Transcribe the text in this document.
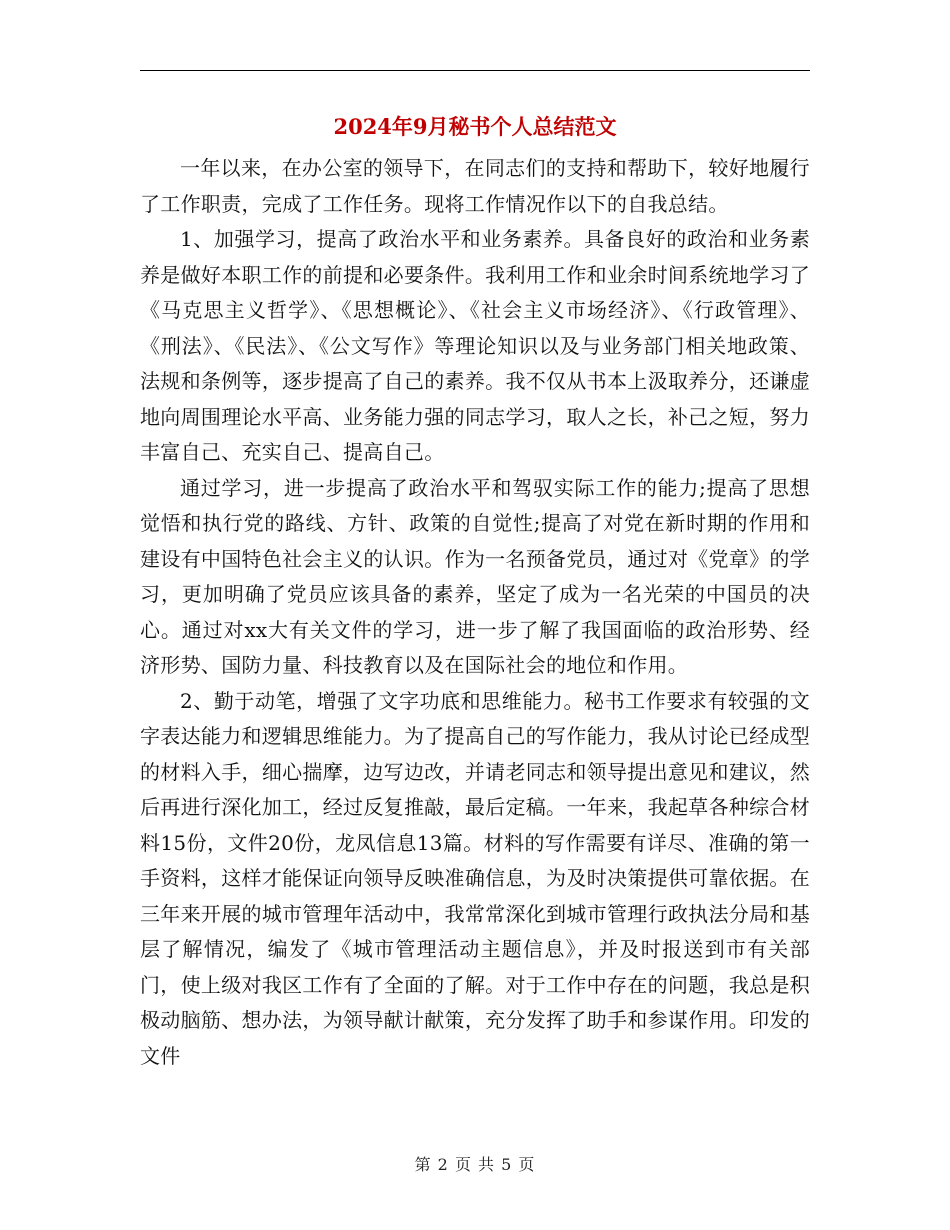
2024年9月秘书个人总结范文

一年以来，在办公室的领导下，在同志们的支持和帮助下，较好地履行了工作职责，完成了工作任务。现将工作情况作以下的自我总结。

1、加强学习，提高了政治水平和业务素养。具备良好的政治和业务素养是做好本职工作的前提和必要条件。我利用工作和业余时间系统地学习了《马克思主义哲学》、《思想概论》、《社会主义市场经济》、《行政管理》、《刑法》、《民法》、《公文写作》等理论知识以及与业务部门相关地政策、法规和条例等，逐步提高了自己的素养。我不仅从书本上汲取养分，还谦虚地向周围理论水平高、业务能力强的同志学习，取人之长，补己之短，努力丰富自己、充实自己、提高自己。

通过学习，进一步提高了政治水平和驾驭实际工作的能力;提高了思想觉悟和执行党的路线、方针、政策的自觉性;提高了对党在新时期的作用和建设有中国特色社会主义的认识。作为一名预备党员，通过对《党章》的学习，更加明确了党员应该具备的素养，坚定了成为一名光荣的中国员的决心。通过对xx大有关文件的学习，进一步了解了我国面临的政治形势、经济形势、国防力量、科技教育以及在国际社会的地位和作用。

2、勤于动笔，增强了文字功底和思维能力。秘书工作要求有较强的文字表达能力和逻辑思维能力。为了提高自己的写作能力，我从讨论已经成型的材料入手，细心揣摩，边写边改，并请老同志和领导提出意见和建议，然后再进行深化加工，经过反复推敲，最后定稿。一年来，我起草各种综合材料15份，文件20份，龙凤信息13篇。材料的写作需要有详尽、准确的第一手资料，这样才能保证向领导反映准确信息，为及时决策提供可靠依据。在三年来开展的城市管理年活动中，我常常深化到城市管理行政执法分局和基层了解情况，编发了《城市管理活动主题信息》，并及时报送到市有关部门，使上级对我区工作有了全面的了解。对于工作中存在的问题，我总是积极动脑筋、想办法，为领导献计献策，充分发挥了助手和参谋作用。印发的文件

第 2 页 共 5 页
